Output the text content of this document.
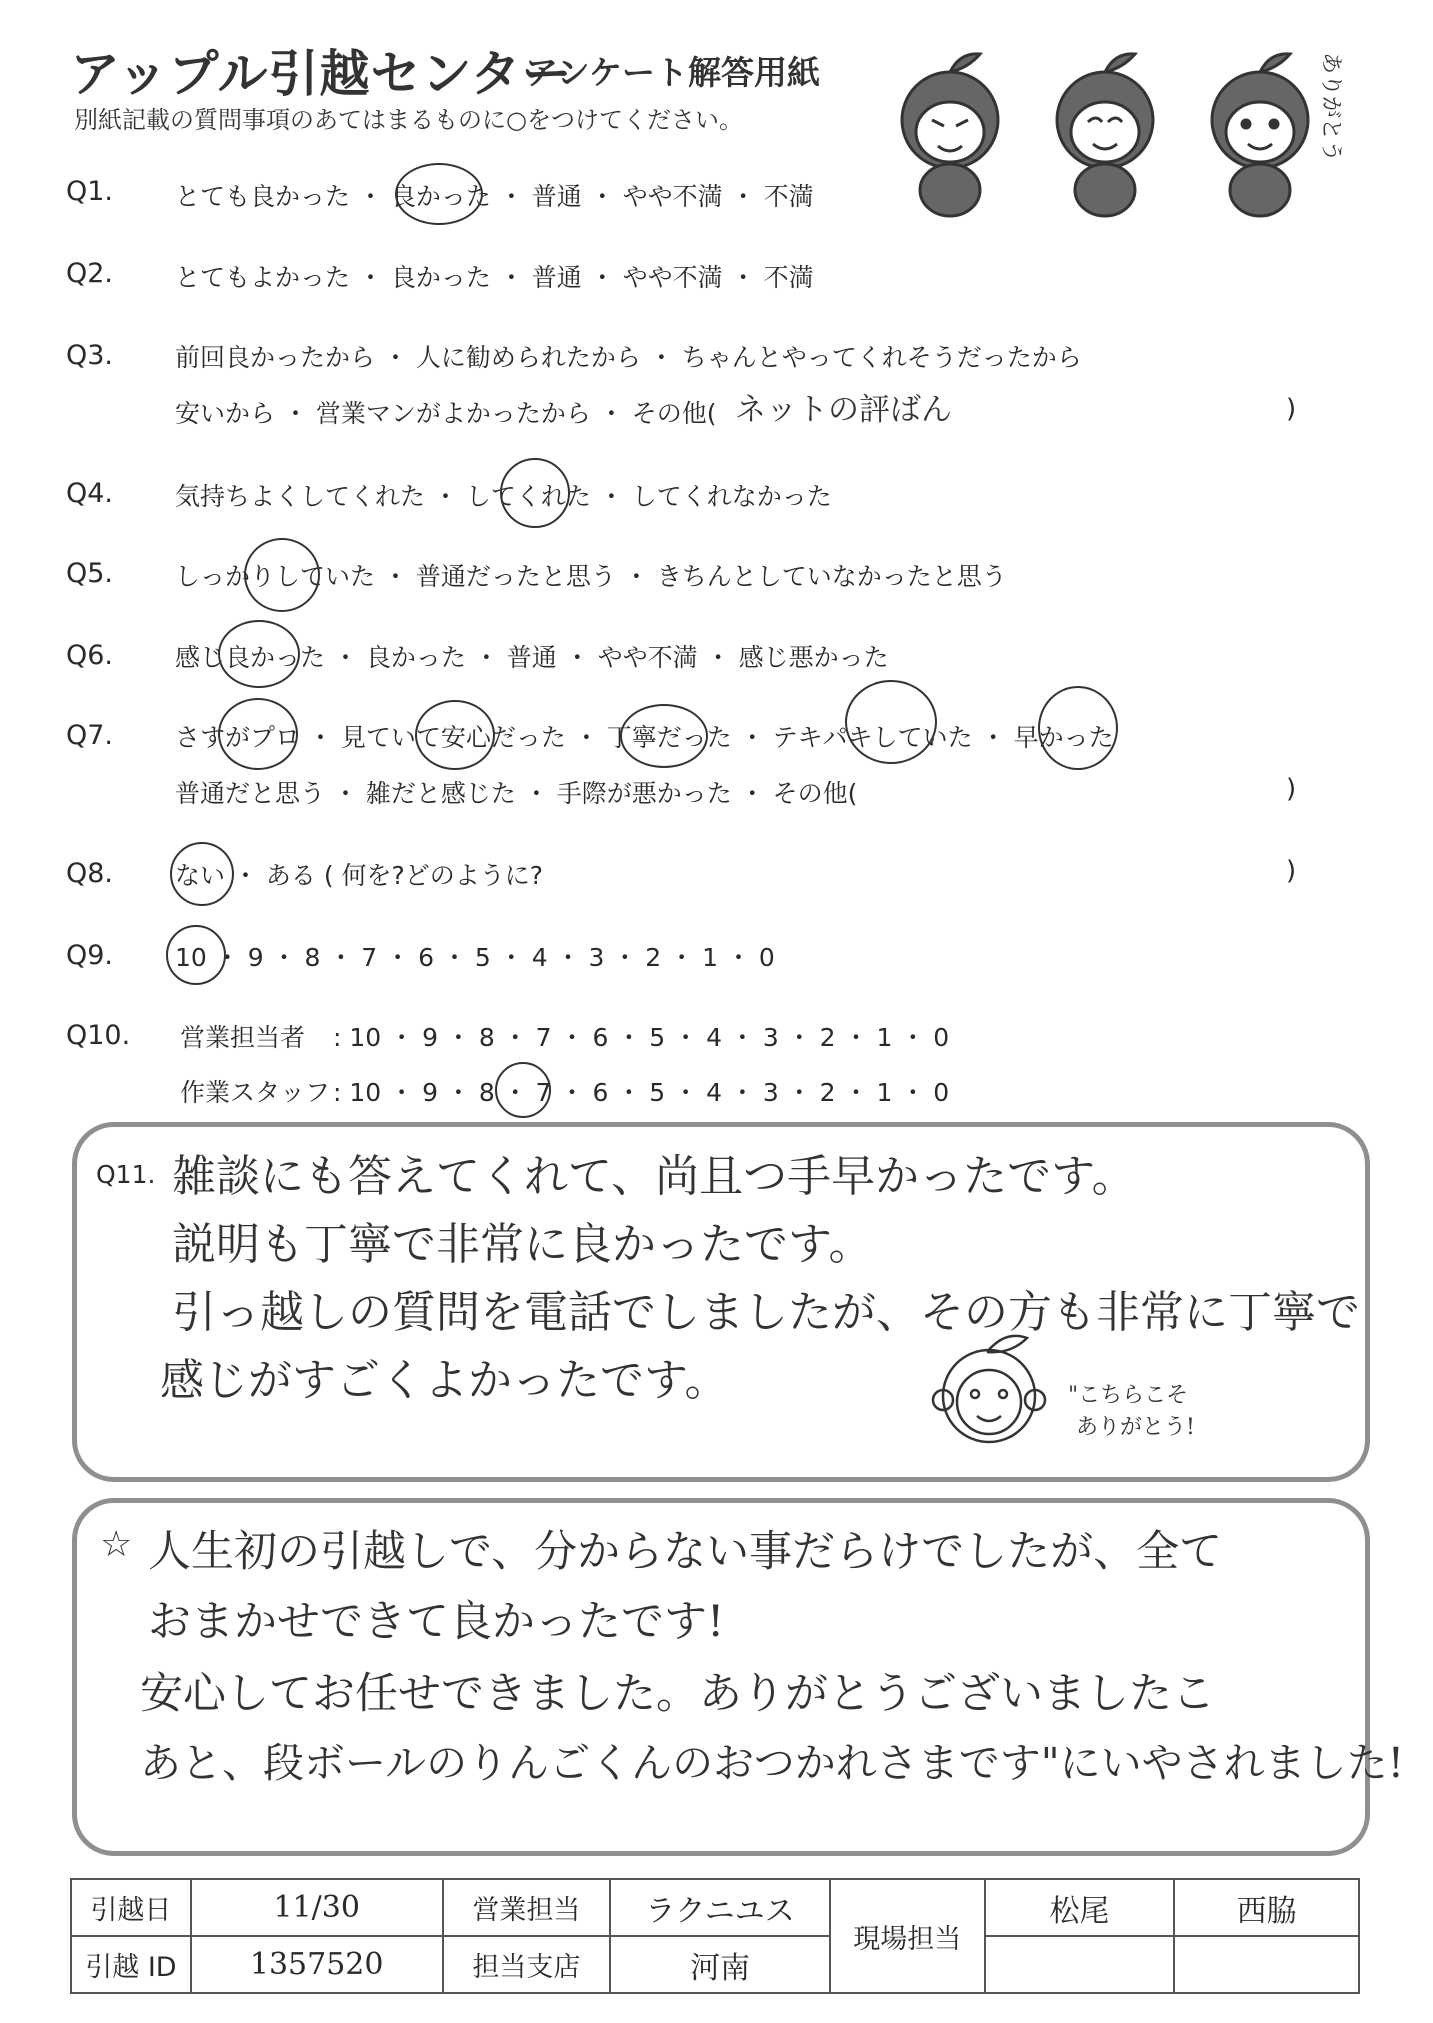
アップル引越センター
アンケート解答用紙
別紙記載の質問事項のあてはまるものに○をつけてください。	ありがとう
Q1. とても良かった ・ 良かった ・ 普通 ・ やや不満 ・ 不満
Q2. とてもよかった ・ 良かった ・ 普通 ・ やや不満 ・ 不満
Q3. 前回良かったから ・ 人に勧められたから ・ ちゃんとやってくれそうだったから
安いから ・ 営業マンがよかったから ・ その他( ネットの評ばん	)
Q4. 気持ちよくしてくれた ・ してくれた ・ してくれなかった
Q5. しっかりしていた ・ 普通だったと思う ・ きちんとしていなかったと思う
Q6. 感じ良かった ・ 良かった ・ 普通 ・ やや不満 ・ 感じ悪かった
Q7. さすがプロ ・ 見ていて安心だった ・ 丁寧だった ・ テキパキしていた ・ 早かった
普通だと思う ・ 雑だと感じた ・ 手際が悪かった ・ その他(	)
Q8. ない ・ ある ( 何を?どのように?	)
Q9. 10 ・ 9 ・ 8 ・ 7 ・ 6 ・ 5 ・ 4 ・ 3 ・ 2 ・ 1 ・ 0
Q10. 営業担当者 : 10 ・ 9 ・ 8 ・ 7 ・ 6 ・ 5 ・ 4 ・ 3 ・ 2 ・ 1 ・ 0
作業スタッフ : 10 ・ 9 ・ 8 ・ 7 ・ 6 ・ 5 ・ 4 ・ 3 ・ 2 ・ 1 ・ 0
Q11. 雑談にも答えてくれて、尚且つ手早かったです。
説明も丁寧で非常に良かったです。
引っ越しの質問を電話でしましたが、その方も非常に丁寧で
感じがすごくよかったです。	"こちらこそ
ありがとう!
☆ 人生初の引越しで、分からない事だらけでしたが、全て
おまかせできて良かったです!
安心してお任せできました。ありがとうございましたこ
あと、段ボールのりんごくんのおつかれさまです"にいやされました!
引越日	11/30	営業担当	ラクニユス	現場担当	松尾	西脇
引越 ID	1357520	担当支店	河南			
